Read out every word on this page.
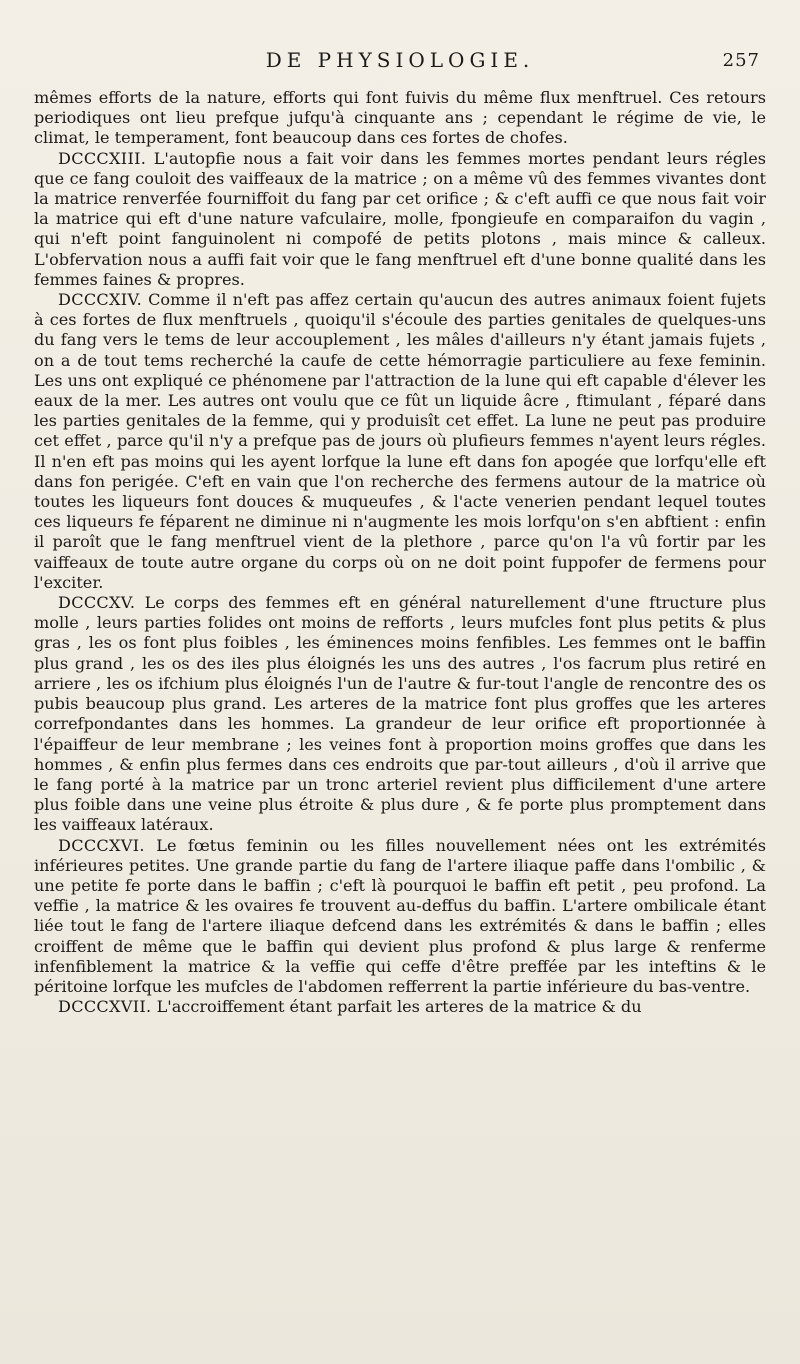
DE PHYSIOLOGIE.	257

mêmes efforts de la nature, efforts qui font fuivis du même flux menftruel. Ces retours periodiques ont lieu prefque jufqu'à cinquante ans ; cependant le régime de vie, le climat, le temperament, font beaucoup dans ces fortes de chofes.

DCCCXIII. L'autopfie nous a fait voir dans les femmes mortes pendant leurs régles que ce fang couloit des vaiffeaux de la matrice ; on a même vû des femmes vivantes dont la matrice renverfée fourniffoit du fang par cet orifice ; & c'eft auffi ce que nous fait voir la matrice qui eft d'une nature vafculaire, molle, fpongieufe en comparaifon du vagin , qui n'eft point fanguinolent ni compofé de petits plotons , mais mince & calleux. L'obfervation nous a auffi fait voir que le fang menftruel eft d'une bonne qualité dans les femmes faines & propres.

DCCCXIV. Comme il n'eft pas affez certain qu'aucun des autres animaux foient fujets à ces fortes de flux menftruels , quoiqu'il s'écoule des parties genitales de quelques-uns du fang vers le tems de leur accouplement , les mâles d'ailleurs n'y étant jamais fujets , on a de tout tems recherché la caufe de cette hémorragie particuliere au fexe feminin. Les uns ont expliqué ce phénomene par l'attraction de la lune qui eft capable d'élever les eaux de la mer. Les autres ont voulu que ce fût un liquide âcre , ftimulant , féparé dans les parties genitales de la femme, qui y produisît cet effet. La lune ne peut pas produire cet effet , parce qu'il n'y a prefque pas de jours où plufieurs femmes n'ayent leurs régles. Il n'en eft pas moins qui les ayent lorfque la lune eft dans fon apogée que lorfqu'elle eft dans fon perigée. C'eft en vain que l'on recherche des fermens autour de la matrice où toutes les liqueurs font douces & muqueufes , & l'acte venerien pendant lequel toutes ces liqueurs fe féparent ne diminue ni n'augmente les mois lorfqu'on s'en abftient : enfin il paroît que le fang menftruel vient de la plethore , parce qu'on l'a vû fortir par les vaiffeaux de toute autre organe du corps où on ne doit point fuppofer de fermens pour l'exciter.

DCCCXV. Le corps des femmes eft en général naturellement d'une ftructure plus molle , leurs parties folides ont moins de refforts , leurs mufcles font plus petits & plus gras , les os font plus foibles , les éminences moins fenfibles. Les femmes ont le baffin plus grand , les os des iles plus éloignés les uns des autres , l'os facrum plus retiré en arriere , les os ifchium plus éloignés l'un de l'autre & fur-tout l'angle de rencontre des os pubis beaucoup plus grand. Les arteres de la matrice font plus groffes que les arteres correfpondantes dans les hommes. La grandeur de leur orifice eft proportionnée à l'épaiffeur de leur membrane ; les veines font à proportion moins groffes que dans les hommes , & enfin plus fermes dans ces endroits que par-tout ailleurs , d'où il arrive que le fang porté à la matrice par un tronc arteriel revient plus difficilement d'une artere plus foible dans une veine plus étroite & plus dure , & fe porte plus promptement dans les vaiffeaux latéraux.

DCCCXVI. Le fœtus feminin ou les filles nouvellement nées ont les extrémités inférieures petites. Une grande partie du fang de l'artere iliaque paffe dans l'ombilic , & une petite fe porte dans le baffin ; c'eft là pourquoi le baffin eft petit , peu profond. La veffie , la matrice & les ovaires fe trouvent au-deffus du baffin. L'artere ombilicale étant liée tout le fang de l'artere iliaque defcend dans les extrémités & dans le baffin ; elles croiffent de même que le baffin qui devient plus profond & plus large & renferme infenfiblement la matrice & la veffie qui ceffe d'être preffée par les inteftins & le péritoine lorfque les mufcles de l'abdomen refferrent la partie inférieure du bas-ventre.

DCCCXVII. L'accroiffement étant parfait les arteres de la matrice & du
